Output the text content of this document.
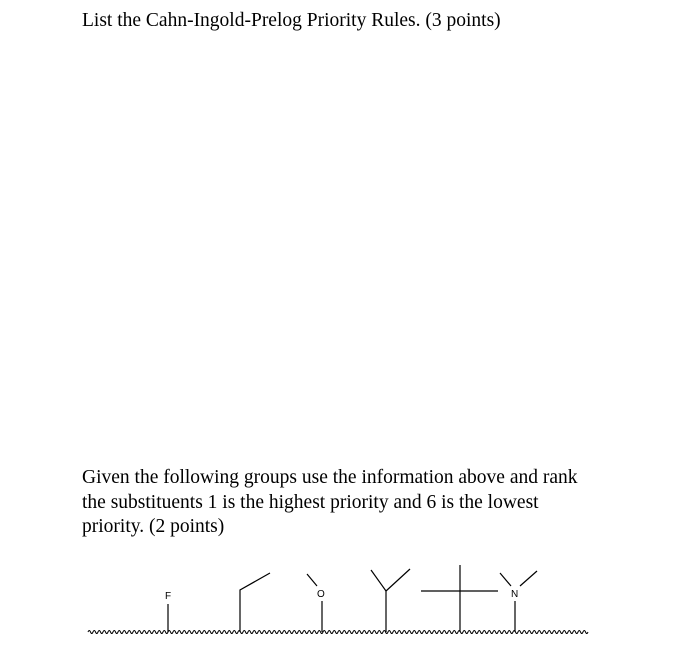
List the Cahn-Ingold-Prelog Priority Rules. (3 points)

Given the following groups use the information above and rank
the substituents 1 is the highest priority and 6 is the lowest
priority. (2 points)
F	O	N
